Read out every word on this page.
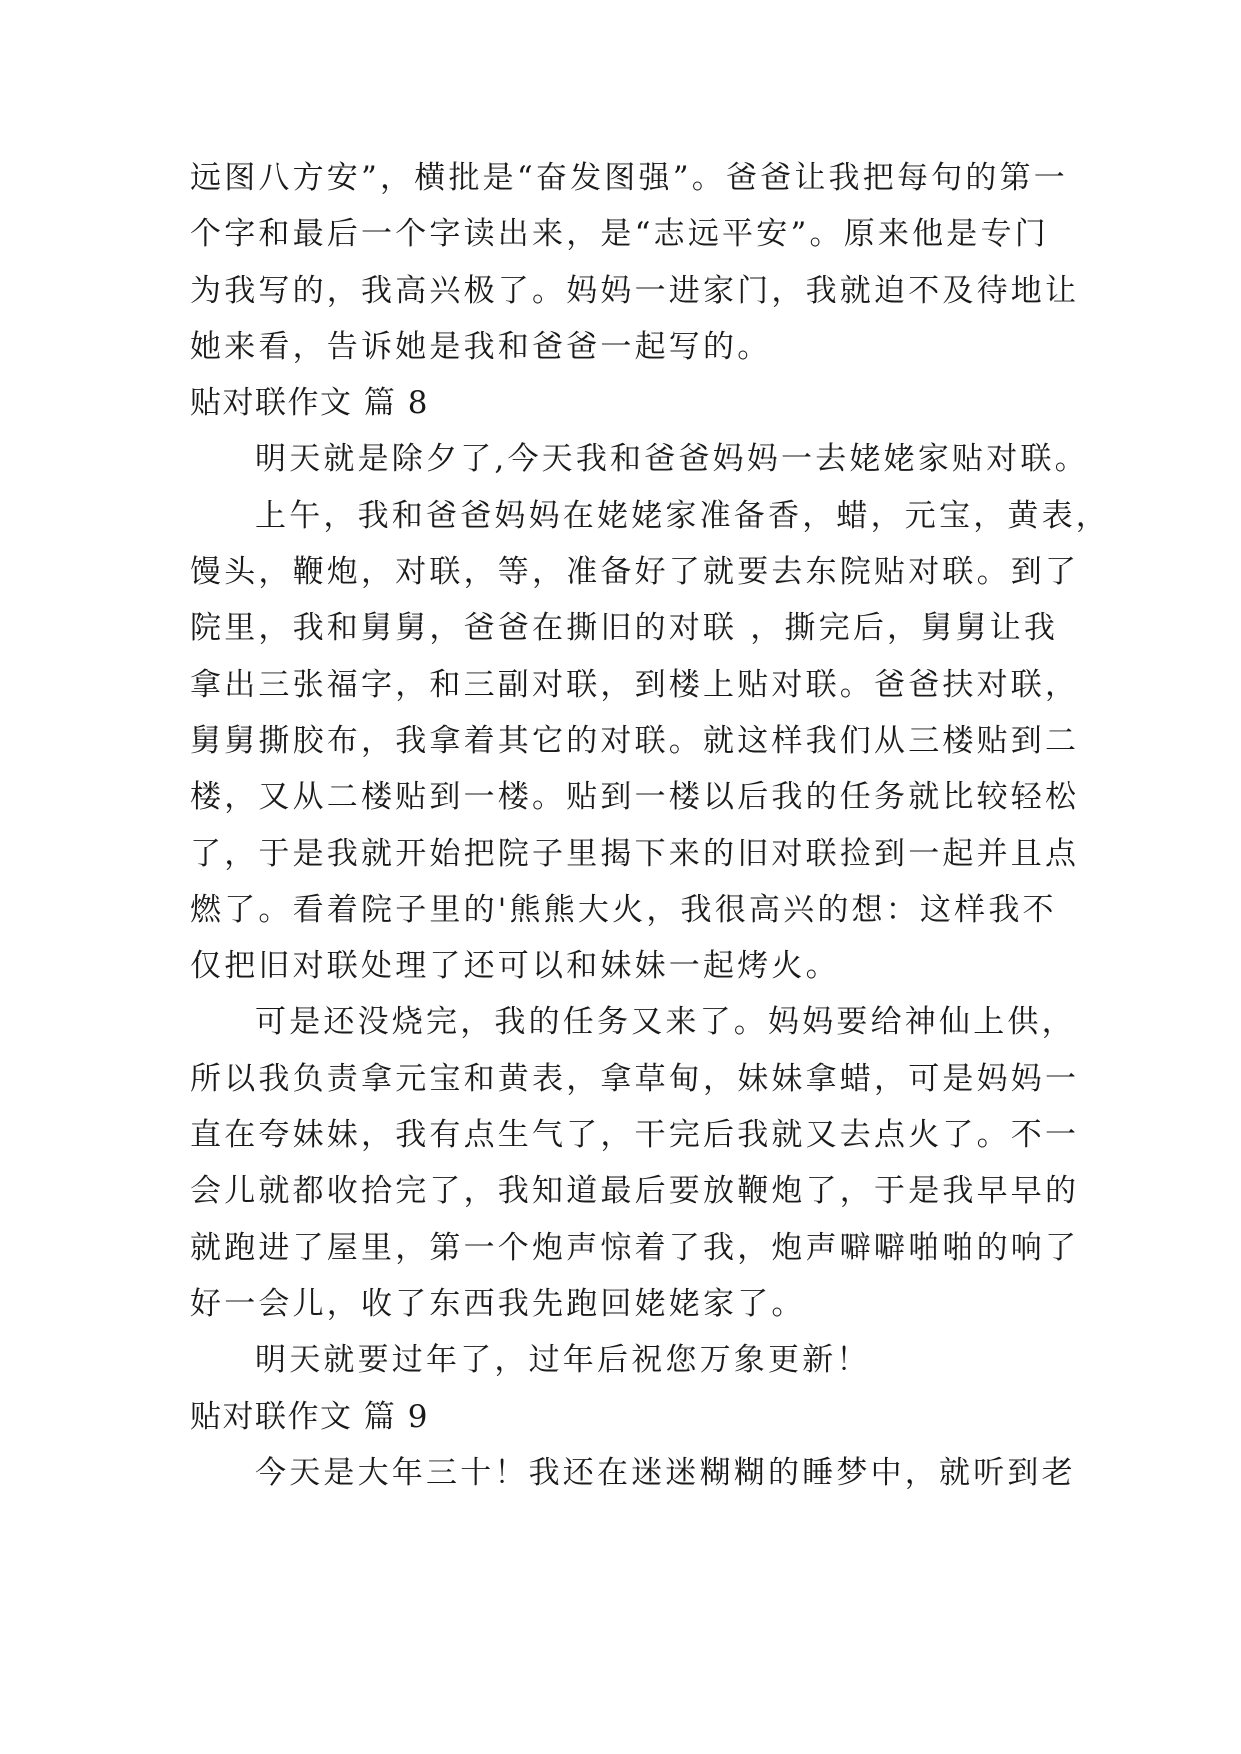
远图八方安”，横批是“奋发图强”。爸爸让我把每句的第一
个字和最后一个字读出来，是“志远平安”。原来他是专门
为我写的，我高兴极了。妈妈一进家门，我就迫不及待地让
她来看，告诉她是我和爸爸一起写的。
贴对联作文 篇 8
明天就是除夕了,今天我和爸爸妈妈一去姥姥家贴对联。
上午，我和爸爸妈妈在姥姥家准备香，蜡，元宝，黄表，
馒头，鞭炮，对联，等，准备好了就要去东院贴对联。到了
院里，我和舅舅，爸爸在撕旧的对联 ，撕完后，舅舅让我
拿出三张福字，和三副对联，到楼上贴对联。爸爸扶对联，
舅舅撕胶布，我拿着其它的对联。就这样我们从三楼贴到二
楼，又从二楼贴到一楼。贴到一楼以后我的任务就比较轻松
了，于是我就开始把院子里揭下来的旧对联捡到一起并且点
燃了。看着院子里的'熊熊大火，我很高兴的想：这样我不
仅把旧对联处理了还可以和妹妹一起烤火。
可是还没烧完，我的任务又来了。妈妈要给神仙上供，
所以我负责拿元宝和黄表，拿草甸，妹妹拿蜡，可是妈妈一
直在夸妹妹，我有点生气了，干完后我就又去点火了。不一
会儿就都收拾完了，我知道最后要放鞭炮了，于是我早早的
就跑进了屋里，第一个炮声惊着了我，炮声噼噼啪啪的响了
好一会儿，收了东西我先跑回姥姥家了。
明天就要过年了，过年后祝您万象更新！
贴对联作文 篇 9
今天是大年三十！我还在迷迷糊糊的睡梦中，就听到老
